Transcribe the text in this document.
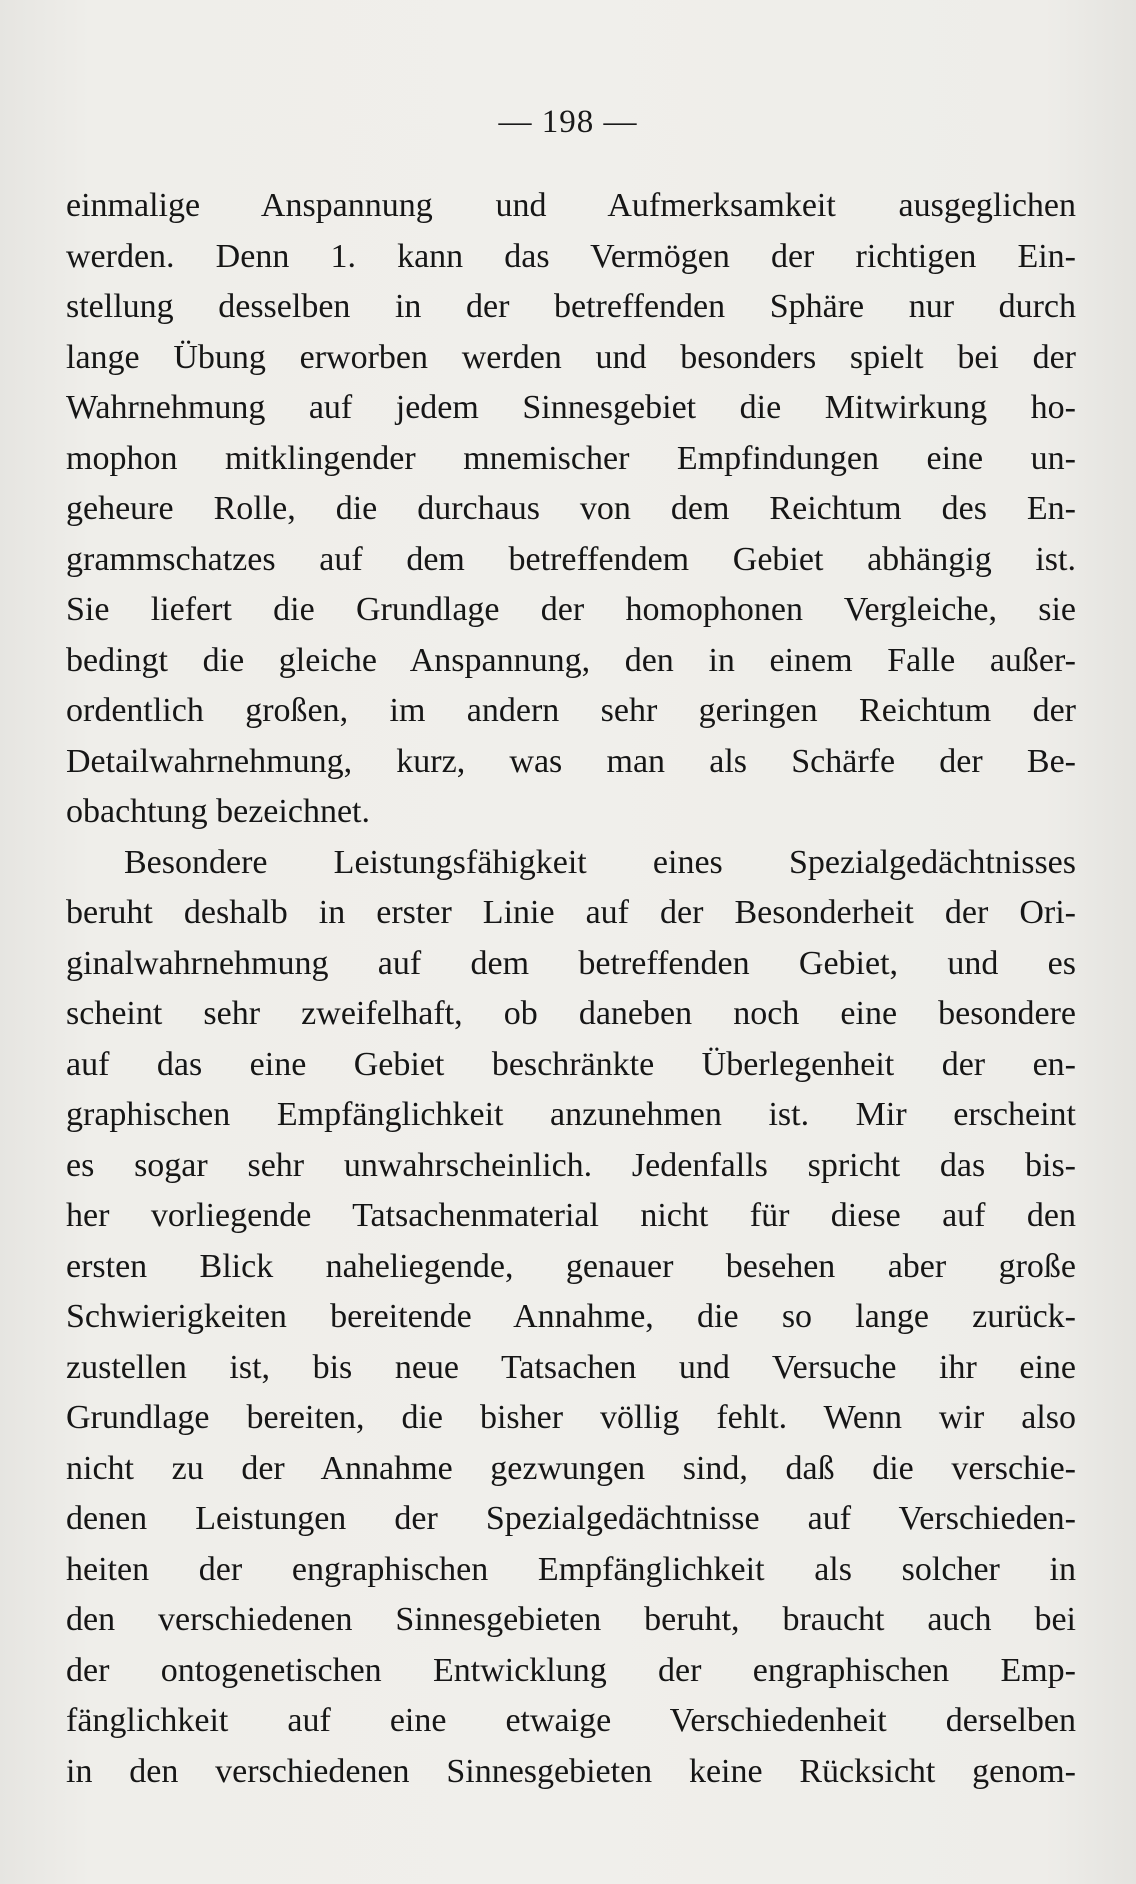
— 198 —
einmalige Anspannung und Aufmerksamkeit ausgeglichen
werden. Denn 1. kann das Vermögen der richtigen Ein-
stellung desselben in der betreffenden Sphäre nur durch
lange Übung erworben werden und besonders spielt bei der
Wahrnehmung auf jedem Sinnesgebiet die Mitwirkung ho-
mophon mitklingender mnemischer Empfindungen eine un-
geheure Rolle, die durchaus von dem Reichtum des En-
grammschatzes auf dem betreffendem Gebiet abhängig ist.
Sie liefert die Grundlage der homophonen Vergleiche, sie
bedingt die gleiche Anspannung, den in einem Falle außer-
ordentlich großen, im andern sehr geringen Reichtum der
Detailwahrnehmung, kurz, was man als Schärfe der Be-
obachtung bezeichnet.
Besondere Leistungsfähigkeit eines Spezialgedächtnisses
beruht deshalb in erster Linie auf der Besonderheit der Ori-
ginalwahrnehmung auf dem betreffenden Gebiet, und es
scheint sehr zweifelhaft, ob daneben noch eine besondere
auf das eine Gebiet beschränkte Überlegenheit der en-
graphischen Empfänglichkeit anzunehmen ist. Mir erscheint
es sogar sehr unwahrscheinlich. Jedenfalls spricht das bis-
her vorliegende Tatsachenmaterial nicht für diese auf den
ersten Blick naheliegende, genauer besehen aber große
Schwierigkeiten bereitende Annahme, die so lange zurück-
zustellen ist, bis neue Tatsachen und Versuche ihr eine
Grundlage bereiten, die bisher völlig fehlt. Wenn wir also
nicht zu der Annahme gezwungen sind, daß die verschie-
denen Leistungen der Spezialgedächtnisse auf Verschieden-
heiten der engraphischen Empfänglichkeit als solcher in
den verschiedenen Sinnesgebieten beruht, braucht auch bei
der ontogenetischen Entwicklung der engraphischen Emp-
fänglichkeit auf eine etwaige Verschiedenheit derselben
in den verschiedenen Sinnesgebieten keine Rücksicht genom-
